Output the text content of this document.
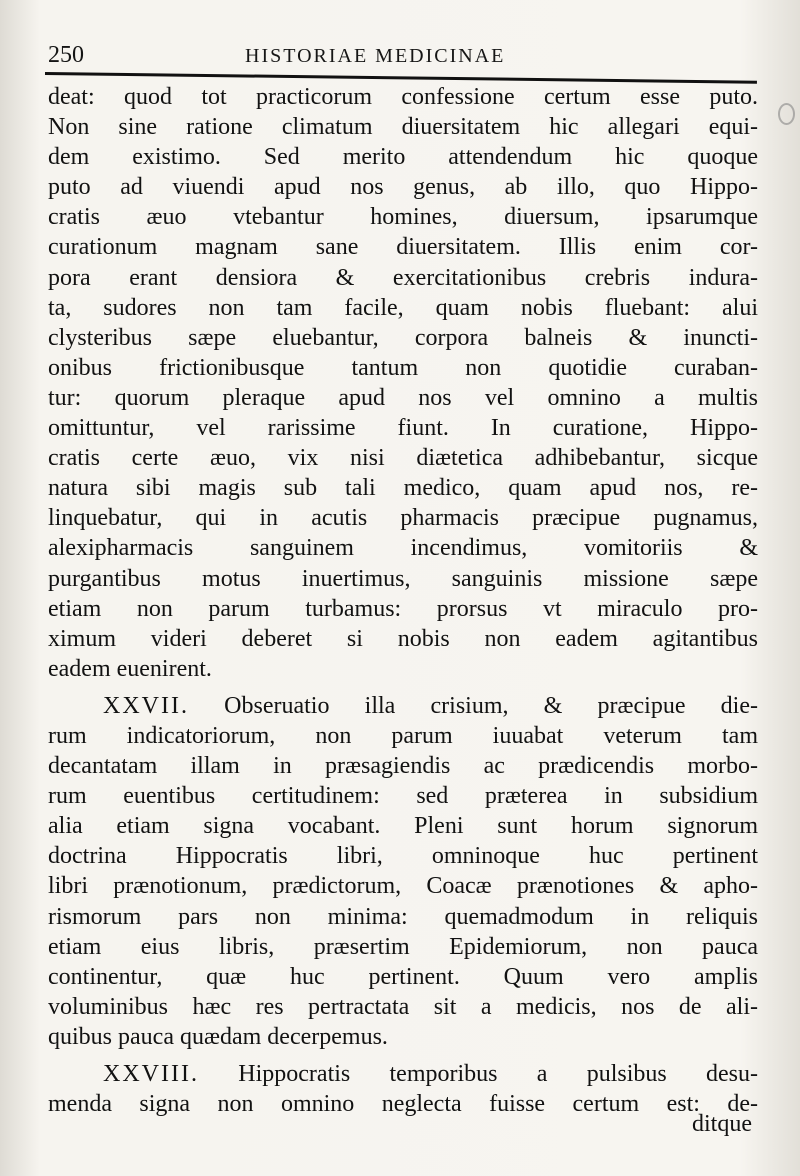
250	HISTORIAE MEDICINAE
deat: quod tot practicorum confessione certum esse puto.
Non sine ratione climatum diuersitatem hic allegari equi-
dem existimo. Sed merito attendendum hic quoque
puto ad viuendi apud nos genus, ab illo, quo Hippo-
cratis æuo vtebantur homines, diuersum, ipsarumque
curationum magnam sane diuersitatem. Illis enim cor-
pora erant densiora & exercitationibus crebris indura-
ta, sudores non tam facile, quam nobis fluebant: alui
clysteribus sæpe eluebantur, corpora balneis & inuncti-
onibus frictionibusque tantum non quotidie curaban-
tur: quorum pleraque apud nos vel omnino a multis
omittuntur, vel rarissime fiunt. In curatione, Hippo-
cratis certe æuo, vix nisi diætetica adhibebantur, sicque
natura sibi magis sub tali medico, quam apud nos, re-
linquebatur, qui in acutis pharmacis præcipue pugnamus,
alexipharmacis sanguinem incendimus, vomitoriis &
purgantibus motus inuertimus, sanguinis missione sæpe
etiam non parum turbamus: prorsus vt miraculo pro-
ximum videri deberet si nobis non eadem agitantibus
eadem euenirent.
XXVII. Obseruatio illa crisium, & præcipue die-
rum indicatoriorum, non parum iuuabat veterum tam
decantatam illam in præsagiendis ac prædicendis morbo-
rum euentibus certitudinem: sed præterea in subsidium
alia etiam signa vocabant. Pleni sunt horum signorum
doctrina Hippocratis libri, omninoque huc pertinent
libri prænotionum, prædictorum, Coacæ prænotiones & apho-
rismorum pars non minima: quemadmodum in reliquis
etiam eius libris, præsertim Epidemiorum, non pauca
continentur, quæ huc pertinent. Quum vero amplis
voluminibus hæc res pertractata sit a medicis, nos de ali-
quibus pauca quædam decerpemus.
XXVIII. Hippocratis temporibus a pulsibus desu-
menda signa non omnino neglecta fuisse certum est: de-
ditque
